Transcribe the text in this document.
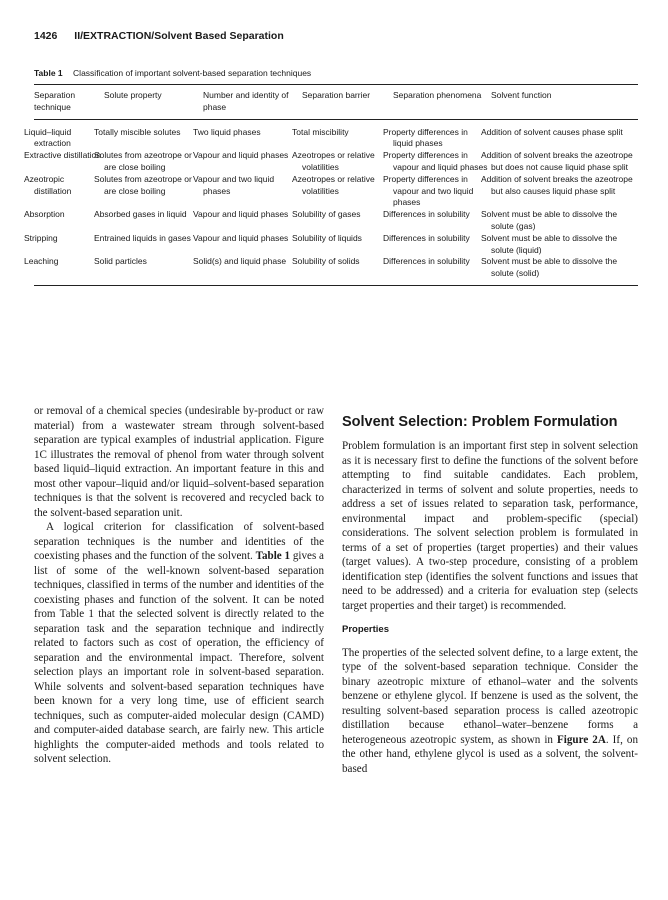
1426 II/EXTRACTION/Solvent Based Separation
Table 1 Classification of important solvent-based separation techniques
Separation technique	Solute property	Number and identity of phase	Separation barrier	Separation phenomena	Solvent function
Liquid–liquid extraction	Totally miscible solutes	Two liquid phases	Total miscibility	Property differences in liquid phases	Addition of solvent causes phase split
Extractive distillation	Solutes from azeotrope or are close boiling	Vapour and liquid phases	Azeotropes or relative volatilities	Property differences in vapour and liquid phases	Addition of solvent breaks the azeotrope but does not cause liquid phase split
Azeotropic distillation	Solutes from azeotrope or are close boiling	Vapour and two liquid phases	Azeotropes or relative volatilities	Property differences in vapour and two liquid phases	Addition of solvent breaks the azeotrope but also causes liquid phase split
Absorption	Absorbed gases in liquid	Vapour and liquid phases	Solubility of gases	Differences in solubility	Solvent must be able to dissolve the solute (gas)
Stripping	Entrained liquids in gases	Vapour and liquid phases	Solubility of liquids	Differences in solubility	Solvent must be able to dissolve the solute (liquid)
Leaching	Solid particles	Solid(s) and liquid phase	Solubility of solids	Differences in solubility	Solvent must be able to dissolve the solute (solid)

or removal of a chemical species (undesirable by-product or raw material) from a wastewater stream through solvent-based separation are typical examples of industrial application. Figure 1C illustrates the removal of phenol from water through solvent based liquid–liquid extraction. An important feature in this and most other vapour–liquid and/or liquid–solvent-based separation techniques is that the solvent is recovered and recycled back to the solvent-based separation unit.

A logical criterion for classification of solvent-based separation techniques is the number and identities of the coexisting phases and the function of the solvent. Table 1 gives a list of some of the well-known solvent-based separation techniques, classified in terms of the number and identities of the coexisting phases and function of the solvent. It can be noted from Table 1 that the selected solvent is directly related to the separation task and the separation technique and indirectly related to factors such as cost of operation, the efficiency of separation and the environmental impact. Therefore, solvent selection plays an important role in solvent-based separation. While solvents and solvent-based separation techniques have been known for a very long time, use of efficient search techniques, such as computer-aided molecular design (CAMD) and computer-aided database search, are fairly new. This article highlights the computer-aided methods and tools related to solvent selection.

Solvent Selection: Problem Formulation

Problem formulation is an important first step in solvent selection as it is necessary first to define the functions of the solvent before attempting to find suitable candidates. Each problem, characterized in terms of solvent and solute properties, needs to address a set of issues related to separation task, performance, environmental impact and problem-specific (special) considerations. The solvent selection problem is formulated in terms of a set of properties (target properties) and their values (target values). A two-step procedure, consisting of a problem identification step (identifies the solvent functions and issues that need to be addressed) and a criteria for evaluation step (selects target properties and their target) is recommended.

Properties

The properties of the selected solvent define, to a large extent, the type of the solvent-based separation technique. Consider the binary azeotropic mixture of ethanol–water and the solvents benzene or ethylene glycol. If benzene is used as the solvent, the resulting solvent-based separation process is called azeotropic distillation because ethanol–water–benzene forms a heterogeneous azeotropic system, as shown in Figure 2A. If, on the other hand, ethylene glycol is used as a solvent, the solvent-based
